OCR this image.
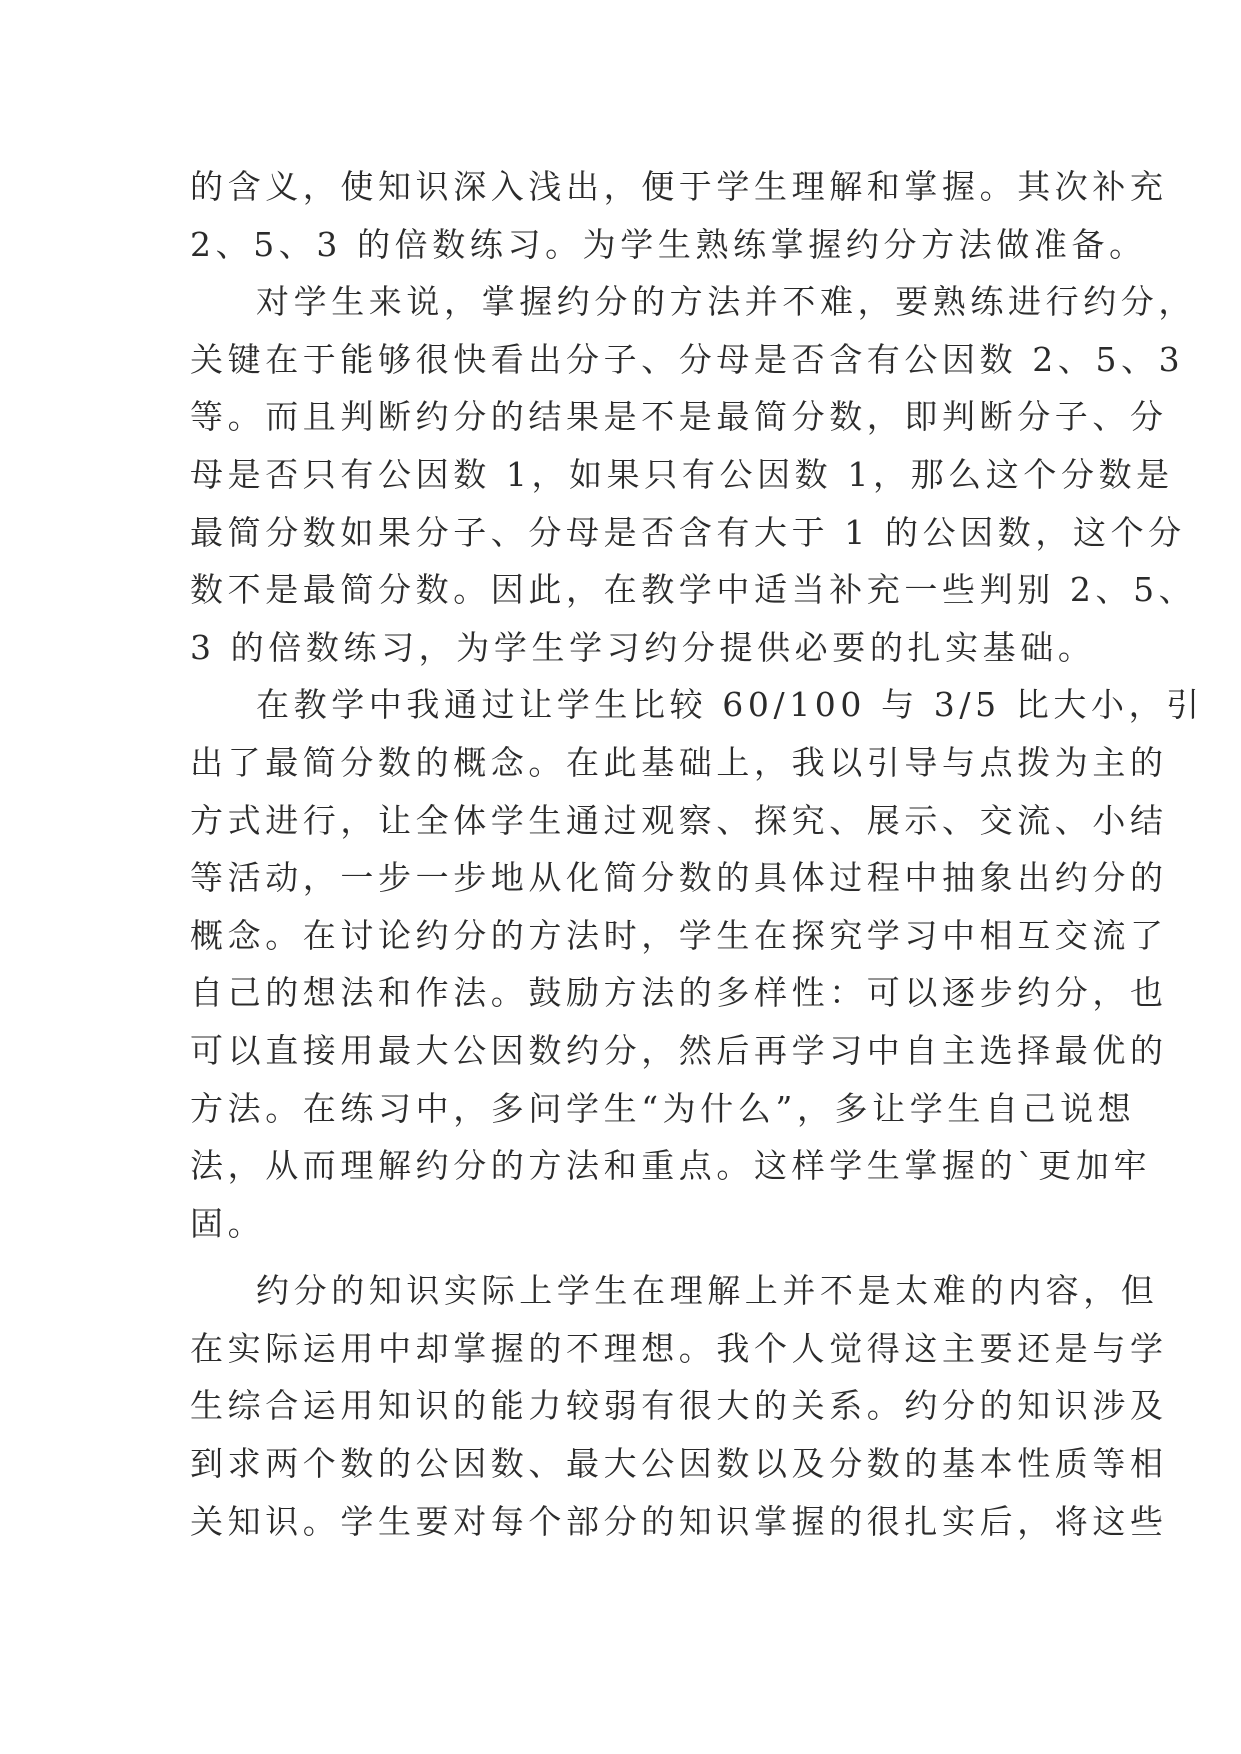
的含义，使知识深入浅出，便于学生理解和掌握。其次补充
2、5、3 的倍数练习。为学生熟练掌握约分方法做准备。
对学生来说，掌握约分的方法并不难，要熟练进行约分，
关键在于能够很快看出分子、分母是否含有公因数 2、5、3
等。而且判断约分的结果是不是最简分数，即判断分子、分
母是否只有公因数 1，如果只有公因数 1，那么这个分数是
最简分数如果分子、分母是否含有大于 1 的公因数，这个分
数不是最简分数。因此，在教学中适当补充一些判别 2、5、
3 的倍数练习，为学生学习约分提供必要的扎实基础。
在教学中我通过让学生比较 60/100 与 3/5 比大小，引
出了最简分数的概念。在此基础上，我以引导与点拨为主的
方式进行，让全体学生通过观察、探究、展示、交流、小结
等活动，一步一步地从化简分数的具体过程中抽象出约分的
概念。在讨论约分的方法时，学生在探究学习中相互交流了
自己的想法和作法。鼓励方法的多样性：可以逐步约分，也
可以直接用最大公因数约分，然后再学习中自主选择最优的
方法。在练习中，多问学生“为什么”，多让学生自己说想
法，从而理解约分的方法和重点。这样学生掌握的`更加牢
固。
约分的知识实际上学生在理解上并不是太难的内容，但
在实际运用中却掌握的不理想。我个人觉得这主要还是与学
生综合运用知识的能力较弱有很大的关系。约分的知识涉及
到求两个数的公因数、最大公因数以及分数的基本性质等相
关知识。学生要对每个部分的知识掌握的很扎实后，将这些
